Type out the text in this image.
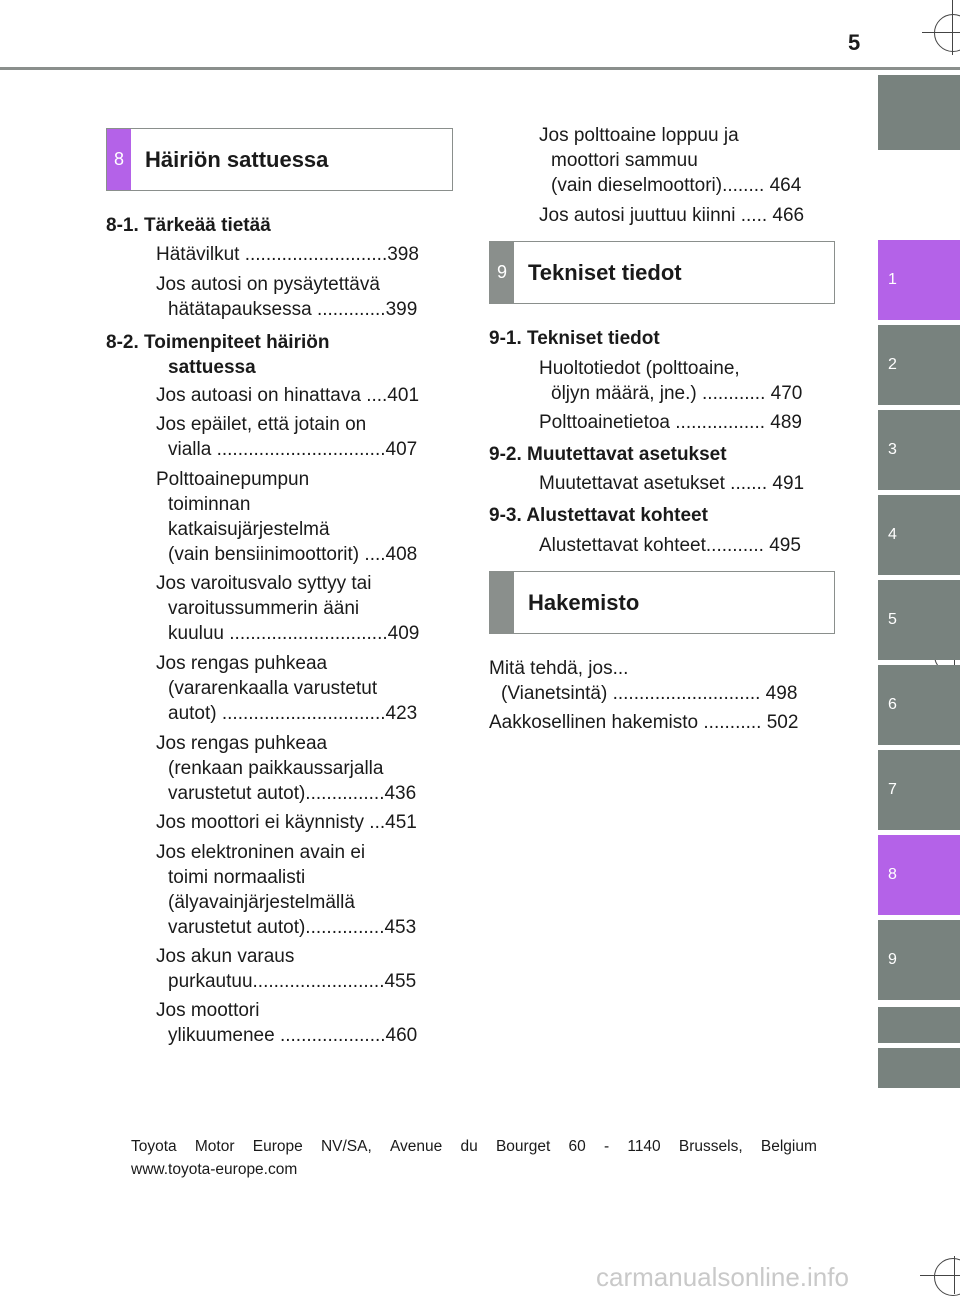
5
1
2
3
4
5
6
7
8
9
8 Häiriön sattuessa
8-1. Tärkeää tietää
Hätävilkut ...........................398
Jos autosi on pysäytettävä
hätätapauksessa .............399
8-2. Toimenpiteet häiriön
sattuessa
Jos autoasi on hinattava ....401
Jos epäilet, että jotain on
vialla ................................407
Polttoainepumpun
toiminnan
katkaisujärjestelmä
(vain bensiinimoottorit) ....408
Jos varoitusvalo syttyy tai
varoitussummerin ääni
kuuluu ..............................409
Jos rengas puhkeaa
(vararenkaalla varustetut
autot) ...............................423
Jos rengas puhkeaa
(renkaan paikkaussarjalla
varustetut autot)...............436
Jos moottori ei käynnisty ...451
Jos elektroninen avain ei
toimi normaalisti
(älyavainjärjestelmällä
varustetut autot)...............453
Jos akun varaus
purkautuu.........................455
Jos moottori
ylikuumenee ....................460
Jos polttoaine loppuu ja
moottori sammuu
(vain dieselmoottori)........ 464
Jos autosi juuttuu kiinni ..... 466
9 Tekniset tiedot
9-1. Tekniset tiedot
Huoltotiedot (polttoaine,
öljyn määrä, jne.) ............ 470
Polttoainetietoa ................. 489
9-2. Muutettavat asetukset
Muutettavat asetukset ....... 491
9-3. Alustettavat kohteet
Alustettavat kohteet........... 495
Hakemisto
Mitä tehdä, jos...
(Vianetsintä) ............................ 498
Aakkosellinen hakemisto ........... 502
Toyota Motor Europe NV/SA, Avenue du Bourget 60 - 1140 Brussels, Belgium
www.toyota-europe.com
carmanualsonline.info
